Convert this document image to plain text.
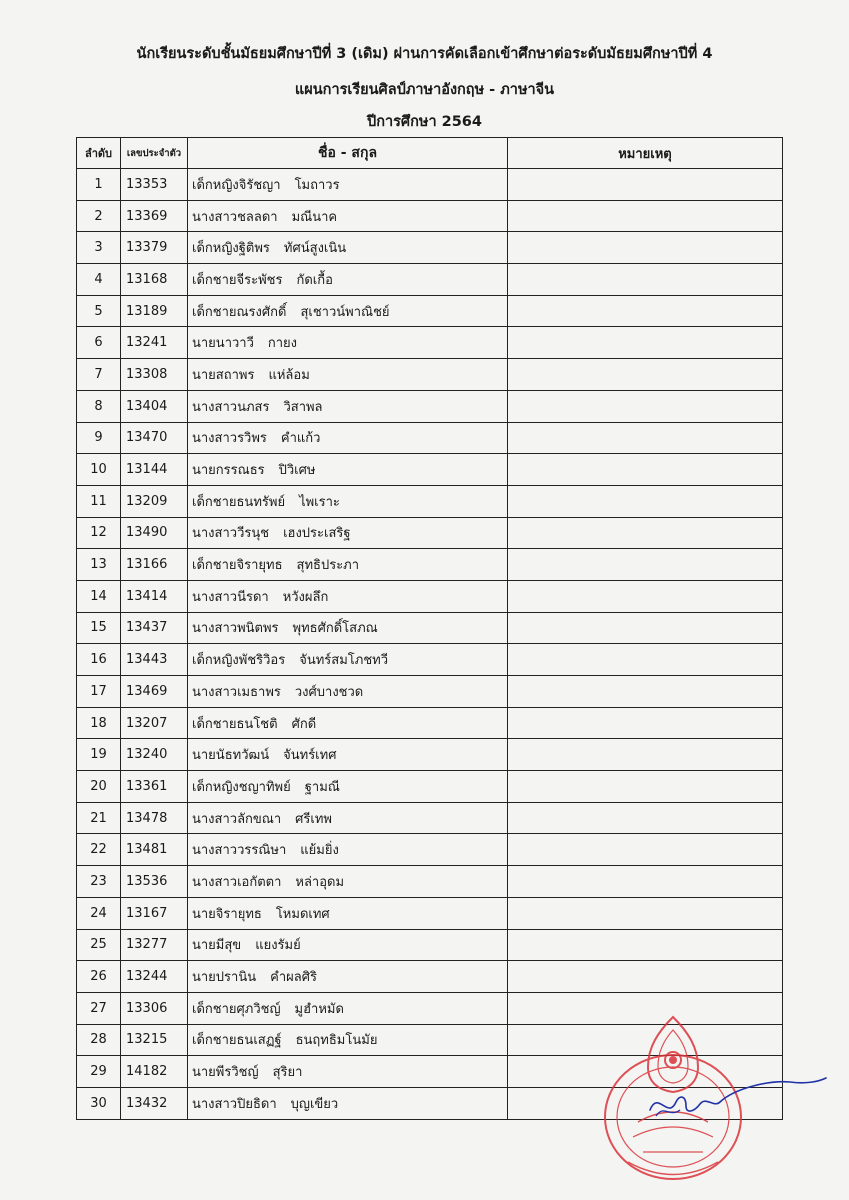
นักเรียนระดับชั้นมัธยมศึกษาปีที่ 3 (เดิม) ผ่านการคัดเลือกเข้าศึกษาต่อระดับมัธยมศึกษาปีที่ 4
แผนการเรียนศิลป์ภาษาอังกฤษ - ภาษาจีน
ปีการศึกษา 2564
ลำดับ	เลขประจำตัว	ชื่อ - สกุล	หมายเหตุ
1	13353	เด็กหญิงจิรัชญา โมถาวร	
2	13369	นางสาวชลลดา มณีนาค	
3	13379	เด็กหญิงฐิติพร ทัศน์สูงเนิน	
4	13168	เด็กชายจีระพัชร กัดเกื้อ	
5	13189	เด็กชายณรงศักดิ์ สุเชาวน์พาณิชย์	
6	13241	นายนาวาวี กายง	
7	13308	นายสถาพร แห่ล้อม	
8	13404	นางสาวนภสร วิสาพล	
9	13470	นางสาวรวิพร คำแก้ว	
10	13144	นายกรรณธร ปิวิเศษ	
11	13209	เด็กชายธนทรัพย์ ไพเราะ	
12	13490	นางสาววีรนุช เฮงประเสริฐ	
13	13166	เด็กชายจิรายุทธ สุทธิประภา	
14	13414	นางสาวนีรดา หวังผลึก	
15	13437	นางสาวพนิตพร พุทธศักดิ์โสภณ	
16	13443	เด็กหญิงพัชริวิอร จันทร์สมโภชทวี	
17	13469	นางสาวเมธาพร วงศ์บางชวด	
18	13207	เด็กชายธนโชติ ศักดี	
19	13240	นายนัธทวัฒน์ จันทร์เทศ	
20	13361	เด็กหญิงชญาทิพย์ ฐามณี	
21	13478	นางสาวลักขณา ศรีเทพ	
22	13481	นางสาววรรณิษา แย้มยิ่ง	
23	13536	นางสาวเอกัตตา หล่าอุดม	
24	13167	นายจิรายุทธ โหมดเทศ	
25	13277	นายมีสุข แยงรัมย์	
26	13244	นายปรานิน คำผลศิริ	
27	13306	เด็กชายศุภวิชญ์ มูฮำหมัด	
28	13215	เด็กชายธนเสฏฐ์ ธนฤทธิมโนมัย	
29	14182	นายพีรวิชญ์ สุริยา	
30	13432	นางสาวปิยธิดา บุญเขียว	
